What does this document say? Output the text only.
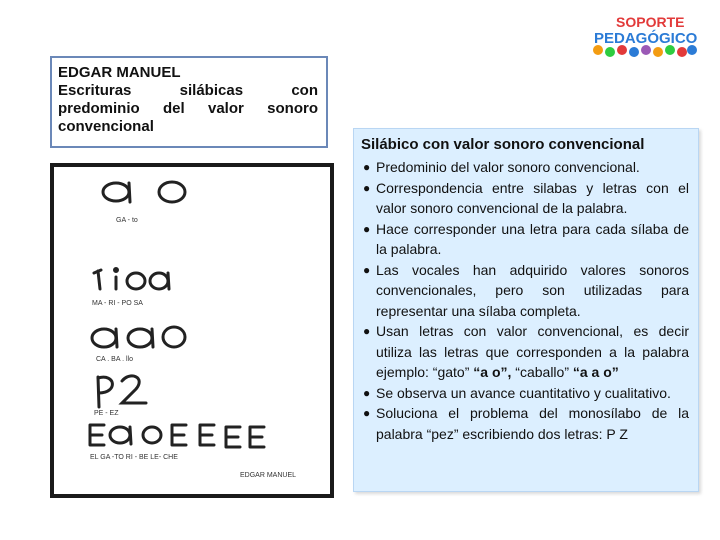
EDGAR MANUEL
Escrituras silábicas con
predominio del valor sonoro
convencional
SOPORTE
PEDAGÓGICO
GA - to
MA - RI - PO SA
CA . BA . llo
PE - EZ
EL GA -TO RI - BE LE- CHE
EDGAR MANUEL
Silábico con valor sonoro convencional
● Predominio del valor sonoro convencional.
● Correspondencia entre silabas y letras con el valor sonoro convencional de la palabra.
● Hace corresponder una letra para cada sílaba de la palabra.
● Las vocales han adquirido valores sonoros convencionales, pero son utilizadas para representar una sílaba completa.
● Usan letras con valor convencional, es decir utiliza las letras que corresponden a la palabra ejemplo: “gato” “a o”, “caballo” “a a o”
● Se observa un avance cuantitativo y cualitativo.
● Soluciona el problema del monosílabo de la palabra “pez” escribiendo dos letras: P Z
